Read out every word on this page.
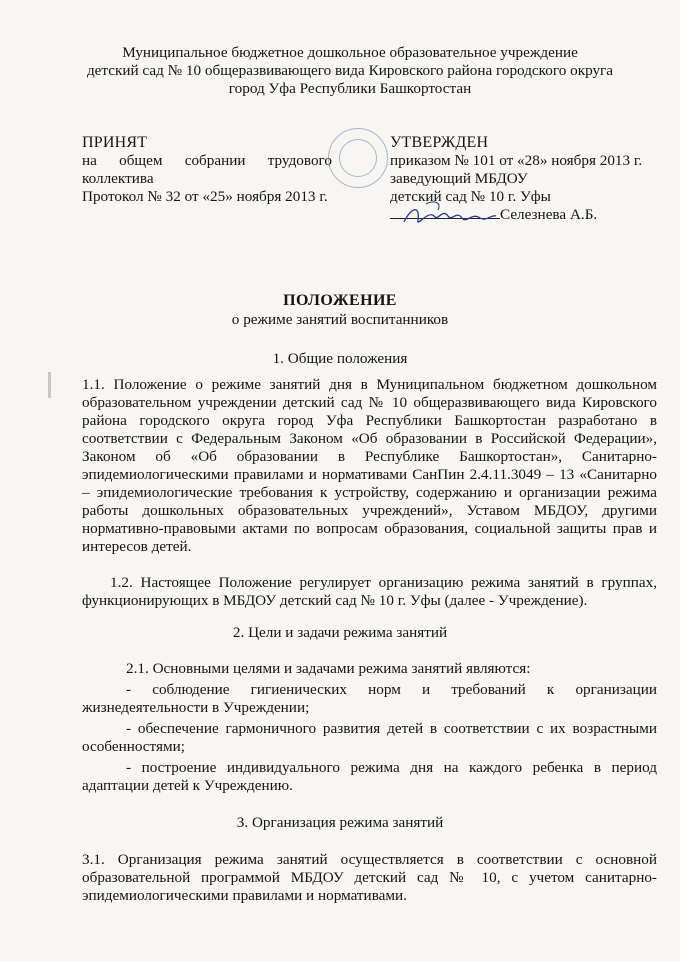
Муниципальное бюджетное дошкольное образовательное учреждение
детский сад № 10 общеразвивающего вида Кировского района городского округа
город Уфа Республики Башкортостан
ПРИНЯТ
на общем собрании трудового коллектива
Протокол № 32 от «25» ноября 2013 г.
УТВЕРЖДЕН
приказом № 101 от «28» ноября 2013 г.
заведующий МБДОУ
детский сад № 10 г. Уфы
Селезнева А.Б.
ПОЛОЖЕНИЕ
о режиме занятий воспитанников
1. Общие положения
1.1. Положение о режиме занятий дня в Муниципальном бюджетном дошкольном образовательном учреждении детский сад № 10 общеразвивающего вида Кировского района городского округа город Уфа Республики Башкортостан разработано в соответствии с Федеральным Законом «Об образовании в Российской Федерации», Законом об «Об образовании в Республике Башкортостан», Санитарно-эпидемиологическими правилами и нормативами СанПин 2.4.11.3049 – 13 «Санитарно – эпидемиологические требования к устройству, содержанию и организации режима работы дошкольных образовательных учреждений», Уставом МБДОУ, другими нормативно-правовыми актами по вопросам образования, социальной защиты прав и интересов детей.
1.2. Настоящее Положение регулирует организацию режима занятий в группах, функционирующих в МБДОУ детский сад № 10 г. Уфы (далее - Учреждение).
2. Цели и задачи режима занятий
2.1. Основными целями и задачами режима занятий являются:
- соблюдение гигиенических норм и требований к организации жизнедеятельности в Учреждении;
- обеспечение гармоничного развития детей в соответствии с их возрастными особенностями;
- построение индивидуального режима дня на каждого ребенка в период адаптации детей к Учреждению.
3. Организация режима занятий
3.1. Организация режима занятий осуществляется в соответствии с основной образовательной программой МБДОУ детский сад № 10, с учетом санитарно-эпидемиологическими правилами и нормативами.
